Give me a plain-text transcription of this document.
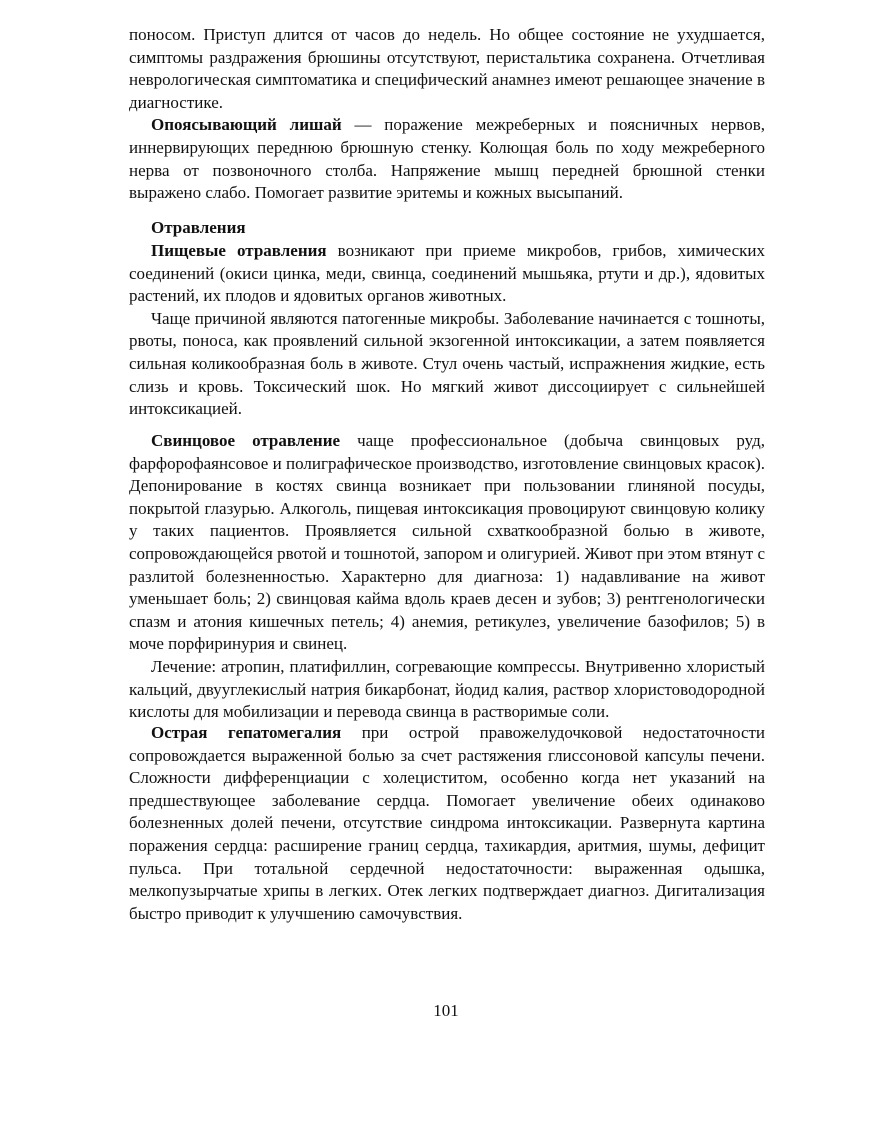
поносом. Приступ длится от часов до недель. Но общее состояние не ухудшается, симптомы раздражения брюшины отсутствуют, перистальтика сохранена. Отчетливая неврологическая симптоматика и специфический анамнез имеют решающее значение в диагностике.

Опоясывающий лишай — поражение межреберных и поясничных нервов, иннервирующих переднюю брюшную стенку. Колющая боль по ходу межреберного нерва от позвоночного столба. Напряжение мышц передней брюшной стенки выражено слабо. Помогает развитие эритемы и кожных высыпаний.

Отравления

Пищевые отравления возникают при приеме микробов, грибов, химических соединений (окиси цинка, меди, свинца, соединений мышьяка, ртути и др.), ядовитых растений, их плодов и ядовитых органов животных.

Чаще причиной являются патогенные микробы. Заболевание начинается с тошноты, рвоты, поноса, как проявлений сильной экзогенной интоксикации, а затем появляется сильная коликообразная боль в животе. Стул очень частый, испражнения жидкие, есть слизь и кровь. Токсический шок. Но мягкий живот диссоциирует с сильнейшей интоксикацией.

Свинцовое отравление чаще профессиональное (добыча свинцовых руд, фарфорофаянсовое и полиграфическое производство, изготовление свинцовых красок). Депонирование в костях свинца возникает при пользовании глиняной посуды, покрытой глазурью. Алкоголь, пищевая интоксикация провоцируют свинцовую колику у таких пациентов. Проявляется сильной схваткообразной болью в животе, сопровождающейся рвотой и тошнотой, запором и олигурией. Живот при этом втянут с разлитой болезненностью. Характерно для диагноза: 1) надавливание на живот уменьшает боль; 2) свинцовая кайма вдоль краев десен и зубов; 3) рентгенологически спазм и атония кишечных петель; 4) анемия, ретикулез, увеличение базофилов; 5) в моче порфиринурия и свинец.

Лечение: атропин, платифиллин, согревающие компрессы. Внутривенно хлористый кальций, двууглекислый натрия бикарбонат, йодид калия, раствор хлористоводородной кислоты для мобилизации и перевода свинца в растворимые соли.

Острая гепатомегалия при острой правожелудочковой недостаточности сопровождается выраженной болью за счет растяжения глиссоновой капсулы печени. Сложности дифференциации с холециститом, особенно когда нет указаний на предшествующее заболевание сердца. Помогает увеличение обеих одинаково болезненных долей печени, отсутствие синдрома интоксикации. Развернута картина поражения сердца: расширение границ сердца, тахикардия, аритмия, шумы, дефицит пульса. При тотальной сердечной недостаточности: выраженная одышка, мелкопузырчатые хрипы в легких. Отек легких подтверждает диагноз. Дигитализация быстро приводит к улучшению самочувствия.

101
